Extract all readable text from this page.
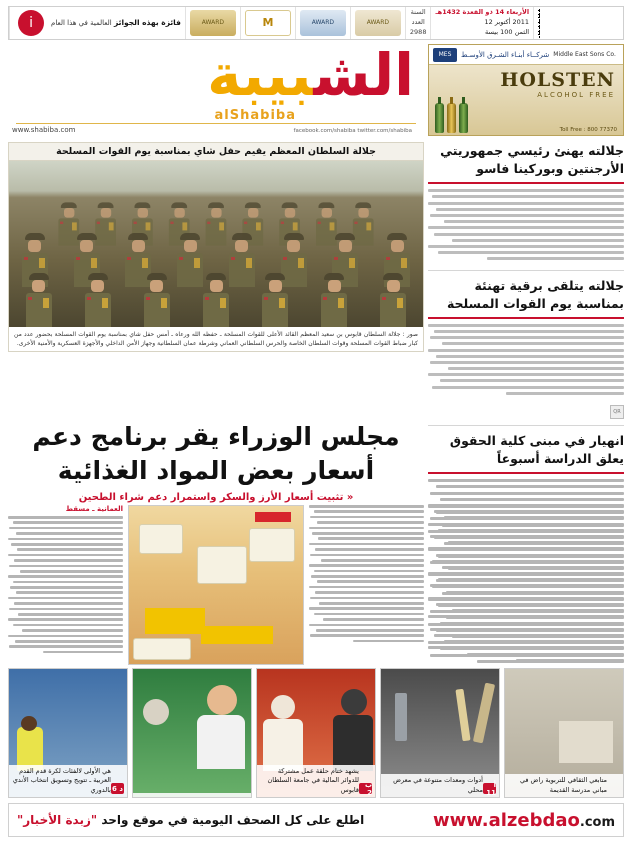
i	فائزة بهذه الجوائز العالمية في هذا العام	AWARD	M	AWARD	AWARD
السنة
العدد
2988
الأربعاء 14 ذو القعدة 1432هـ
2011 أكتوبر 12
الثمن 100 بيسة
الشبيبة
alShabiba
facebook.com/shabiba twitter.com/shabiba
www.shabiba.com
MES	شركــاء أبنـاء الشـرق الأوسـط Middle East Sons Co.
HOLSTEN
ALCOHOL FREE
Toll Free : 800 77370
جلالته يهنئ رئيسي جمهوريتي الأرجنتين وبوركينا فاسو
جلالته يتلقى برقية تهنئة بمناسبة يوم القوات المسلحة
QR
انهيار في مبنى كلية الحقوق يعلق الدراسة أسبوعاً
جلالة السلطان المعظم يقيم حفل شاي بمناسبة يوم القوات المسلحة
صور : جلالة السلطان قابوس بن سعيد المعظم القائد الأعلى للقوات المسلحة ـ حفظه الله ورعاه ـ أمس حفل شاي بمناسبة يوم القوات المسلحة بحضور عدد من كبار ضباط القوات المسلحة وقوات السلطان الخاصة والحرس السلطاني العماني وشرطة عمان السلطانية وجهاز الأمن الداخلي والأجهزة العسكرية والأمنية الأخرى.
مجلس الوزراء يقر برنامج دعم أسعار بعض المواد الغذائية
« تثبيت أسعار الأرز والسكر واستمرار دعم شراء الطحين
العمانية ـ مسقط
هي الأولى لالفئات لكرة قدم القدم العربية ـ تتويج وتسويق انتخاب الأندي بالدوري د 6
يشهد ختام حلقة عمل مشتركة للدوائر المالية في جامعة السلطان قابوس
ب 2
أدوات ومعدات متنوعة في معرض محلي
أ 11
متابعي الثقافي للتربوية راض في مباني مدرسة القديمة
اطلع على كل الصحف اليومية في موقع واحد "زبدة الأخبار"	www.alzebdao.com
